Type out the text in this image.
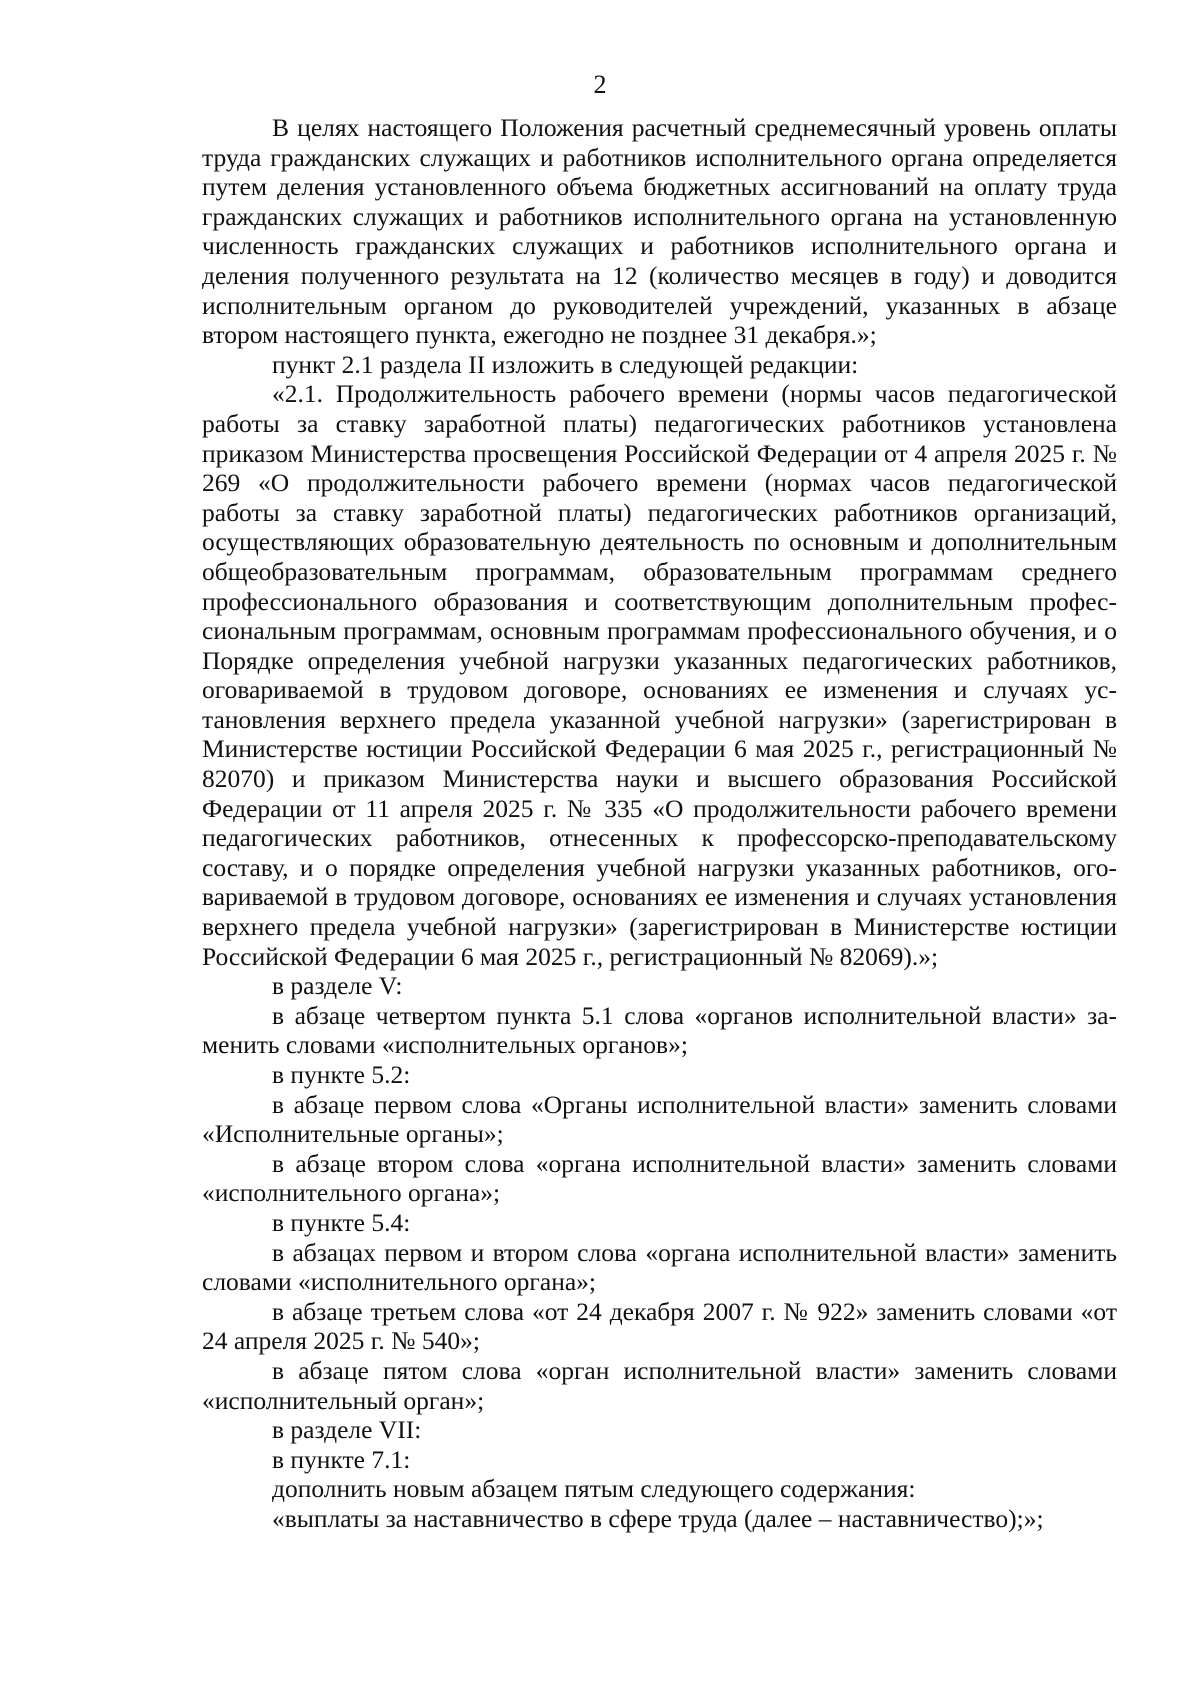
2

В целях настоящего Положения расчетный среднемесячный уровень оплаты труда гражданских служащих и работников исполнительного органа определяется путем деления установленного объема бюджетных ассигнований на оплату труда гражданских служащих и работников исполнительного органа на установленную численность гражданских служащих и работников исполнительного органа и деления полученного результата на 12 (количество месяцев в году) и доводится исполнительным органом до руководителей учреждений, указанных в абзаце втором настоящего пункта, ежегодно не позднее 31 декабря.»;

пункт 2.1 раздела II изложить в следующей редакции:

«2.1. Продолжительность рабочего времени (нормы часов педагогической работы за ставку заработной платы) педагогических работников установлена приказом Министерства просвещения Российской Федерации от 4 апреля 2025 г. № 269 «О продолжительности рабочего времени (нормах часов педагогической работы за ставку заработной платы) педагогических работников организаций, осуществляющих образовательную деятельность по основным и дополнительным общеобразовательным программам, образовательным программам среднего профессионального образования и соответствующим дополнительным профессиональным программам, основным программам профессионального обучения, и о Порядке определения учебной нагрузки указанных педагогических работников, оговариваемой в трудовом договоре, основаниях ее изменения и случаях установления верхнего предела указанной учебной нагрузки» (зарегистрирован в Министерстве юстиции Российской Федерации 6 мая 2025 г., регистрационный № 82070) и приказом Министерства науки и высшего образования Российской Федерации от 11 апреля 2025 г. № 335 «О продолжительности рабочего времени педагогических работников, отнесенных к профессорско-преподавательскому составу, и о порядке определения учебной нагрузки указанных работников, оговариваемой в трудовом договоре, основаниях ее изменения и случаях установления верхнего предела учебной нагрузки» (зарегистрирован в Министерстве юстиции Российской Федерации 6 мая 2025 г., регистрационный № 82069).»;

в разделе V:

в абзаце четвертом пункта 5.1 слова «органов исполнительной власти» заменить словами «исполнительных органов»;

в пункте 5.2:

в абзаце первом слова «Органы исполнительной власти» заменить словами «Исполнительные органы»;

в абзаце втором слова «органа исполнительной власти» заменить словами «исполнительного органа»;

в пункте 5.4:

в абзацах первом и втором слова «органа исполнительной власти» заменить словами «исполнительного органа»;

в абзаце третьем слова «от 24 декабря 2007 г. № 922» заменить словами «от 24 апреля 2025 г. № 540»;

в абзаце пятом слова «орган исполнительной власти» заменить словами «исполнительный орган»;

в разделе VII:

в пункте 7.1:

дополнить новым абзацем пятым следующего содержания:

«выплаты за наставничество в сфере труда (далее – наставничество);»;
